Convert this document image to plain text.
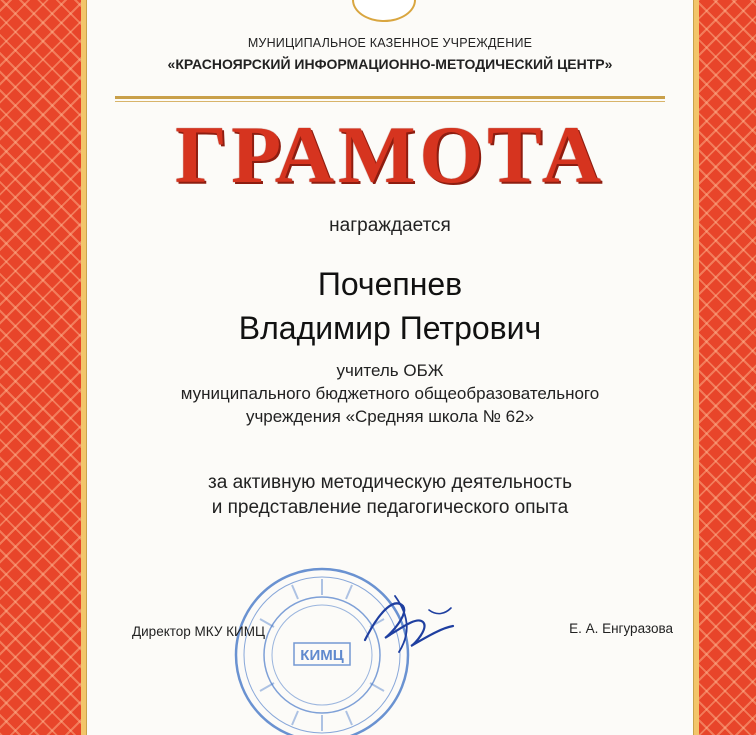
МУНИЦИПАЛЬНОЕ КАЗЕННОЕ УЧРЕЖДЕНИЕ
«КРАСНОЯРСКИЙ ИНФОРМАЦИОННО-МЕТОДИЧЕСКИЙ ЦЕНТР»
ГРАМОТА
награждается
Почепнев
Владимир Петрович
учитель ОБЖ
муниципального бюджетного общеобразовательного
учреждения «Средняя школа № 62»
за активную методическую деятельность
и представление педагогического опыта
КИМЦ
Директор МКУ КИМЦ	Е. А. Енгуразова
